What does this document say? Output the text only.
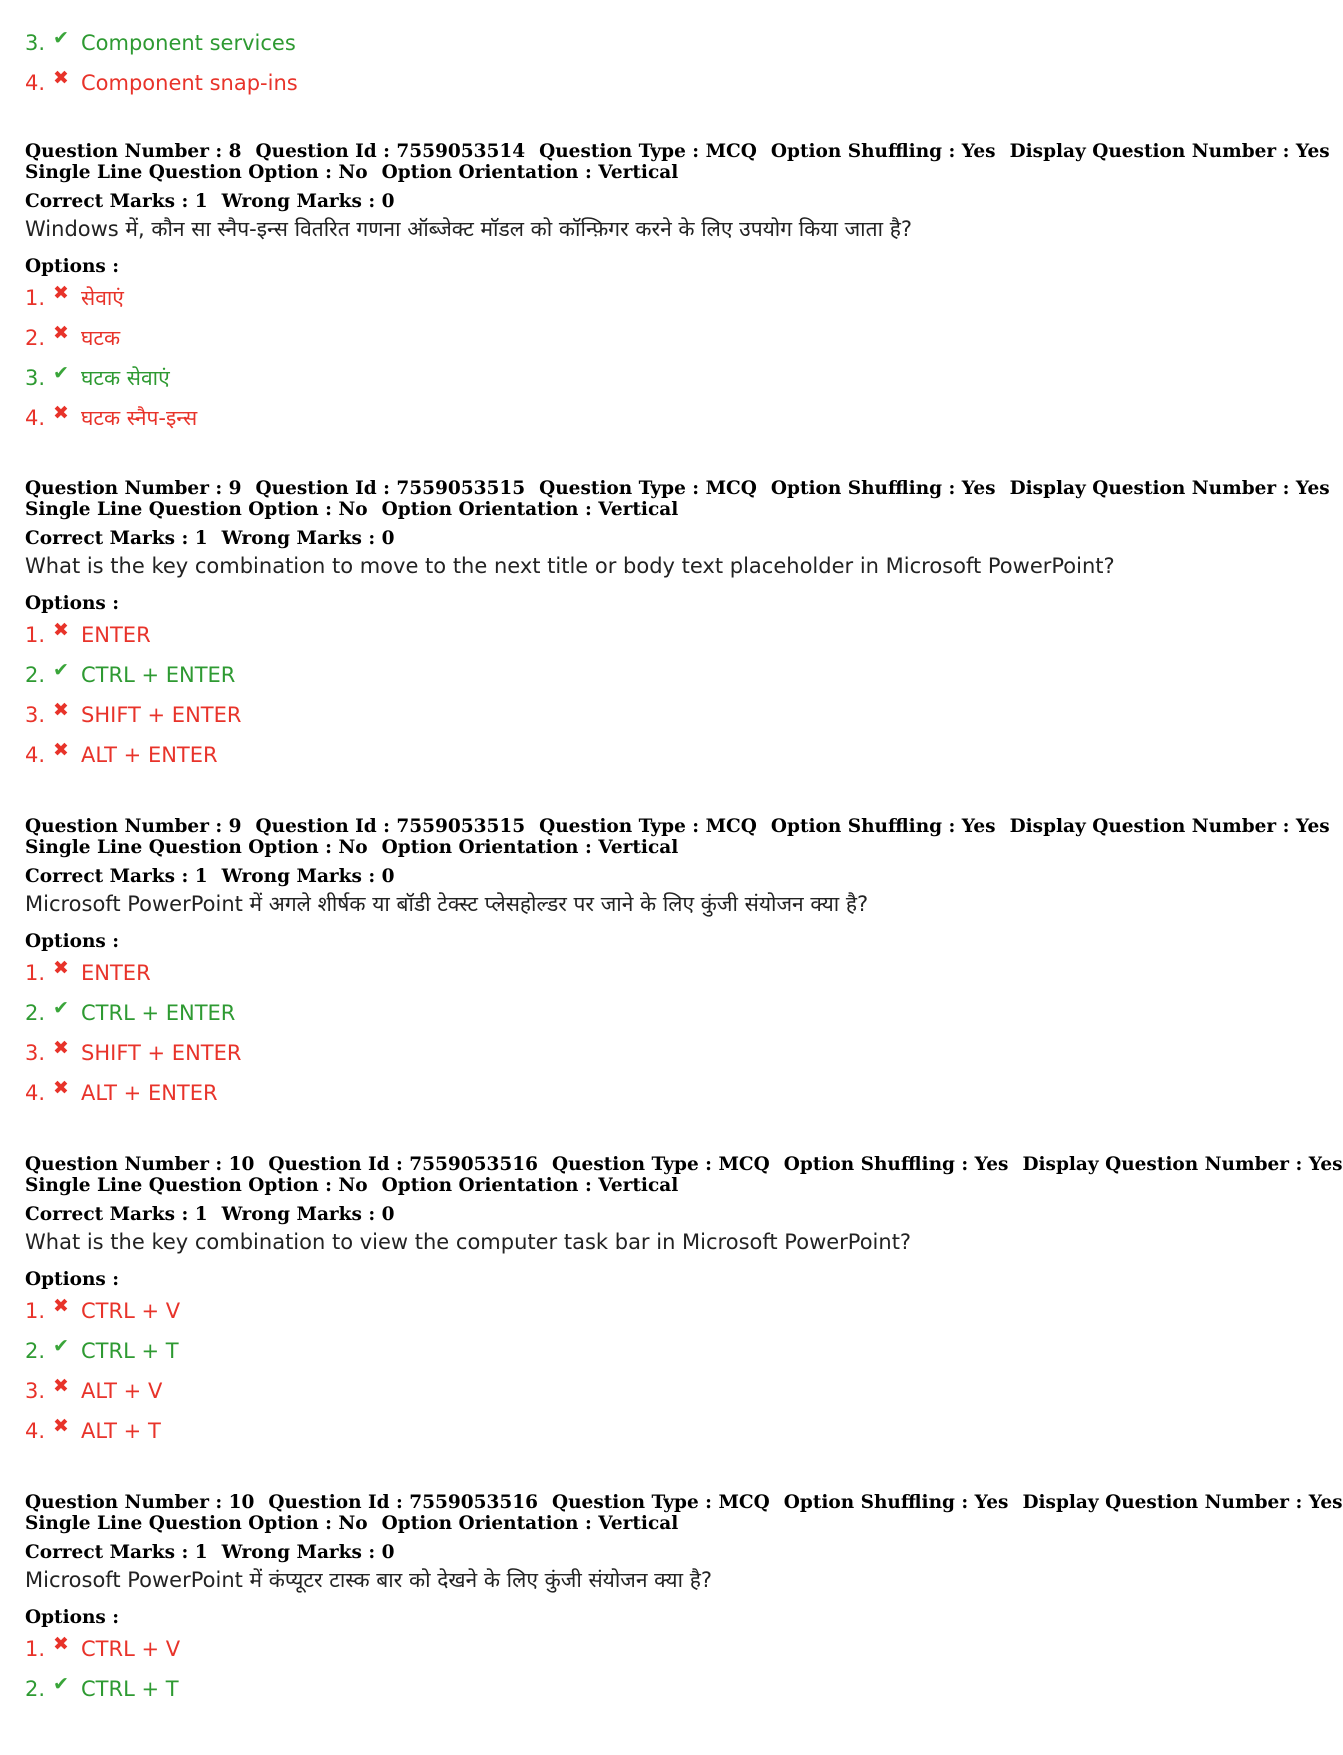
3. ✔ Component services
4. ✖ Component snap-ins
Question Number : 8 Question Id : 7559053514 Question Type : MCQ Option Shuffling : Yes Display Question Number : Yes
Single Line Question Option : No Option Orientation : Vertical
Correct Marks : 1 Wrong Marks : 0
Windows में, कौन सा स्नैप-इन्स वितरित गणना ऑब्जेक्ट मॉडल को कॉन्फ़िगर करने के लिए उपयोग किया जाता है?
Options :
1. ✖ सेवाएं
2. ✖ घटक
3. ✔ घटक सेवाएं
4. ✖ घटक स्नैप-इन्स
Question Number : 9 Question Id : 7559053515 Question Type : MCQ Option Shuffling : Yes Display Question Number : Yes
Single Line Question Option : No Option Orientation : Vertical
Correct Marks : 1 Wrong Marks : 0
What is the key combination to move to the next title or body text placeholder in Microsoft PowerPoint?
Options :
1. ✖ ENTER
2. ✔ CTRL + ENTER
3. ✖ SHIFT + ENTER
4. ✖ ALT + ENTER
Question Number : 9 Question Id : 7559053515 Question Type : MCQ Option Shuffling : Yes Display Question Number : Yes
Single Line Question Option : No Option Orientation : Vertical
Correct Marks : 1 Wrong Marks : 0
Microsoft PowerPoint में अगले शीर्षक या बॉडी टेक्स्ट प्लेसहोल्डर पर जाने के लिए कुंजी संयोजन क्या है?
Options :
1. ✖ ENTER
2. ✔ CTRL + ENTER
3. ✖ SHIFT + ENTER
4. ✖ ALT + ENTER
Question Number : 10 Question Id : 7559053516 Question Type : MCQ Option Shuffling : Yes Display Question Number : Yes
Single Line Question Option : No Option Orientation : Vertical
Correct Marks : 1 Wrong Marks : 0
What is the key combination to view the computer task bar in Microsoft PowerPoint?
Options :
1. ✖ CTRL + V
2. ✔ CTRL + T
3. ✖ ALT + V
4. ✖ ALT + T
Question Number : 10 Question Id : 7559053516 Question Type : MCQ Option Shuffling : Yes Display Question Number : Yes
Single Line Question Option : No Option Orientation : Vertical
Correct Marks : 1 Wrong Marks : 0
Microsoft PowerPoint में कंप्यूटर टास्क बार को देखने के लिए कुंजी संयोजन क्या है?
Options :
1. ✖ CTRL + V
2. ✔ CTRL + T
